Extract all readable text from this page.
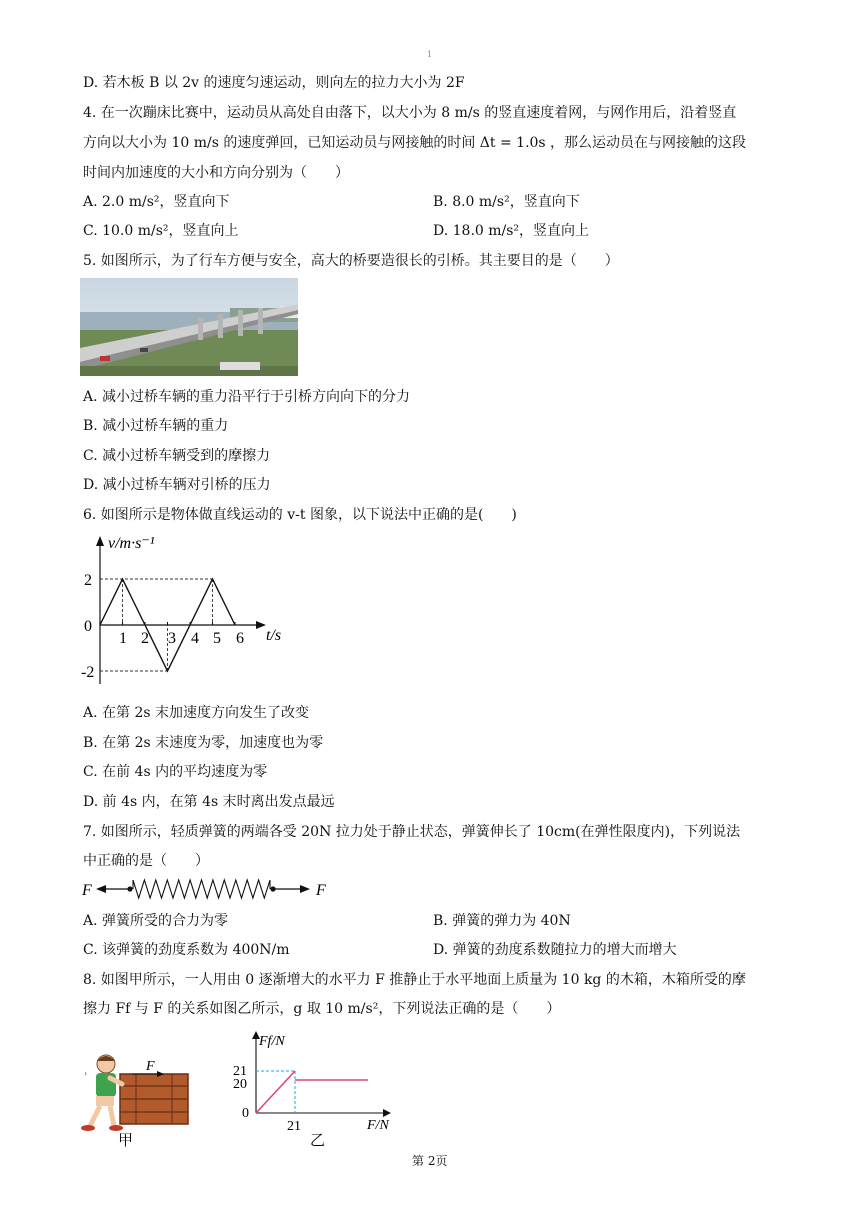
1
D. 若木板 B 以 2v 的速度匀速运动，则向左的拉力大小为 2F
4. 在一次蹦床比赛中，运动员从高处自由落下，以大小为 8 m/s 的竖直速度着网，与网作用后，沿着竖直
方向以大小为 10 m/s 的速度弹回，已知运动员与网接触的时间 Δt = 1.0s ，那么运动员在与网接触的这段
时间内加速度的大小和方向分别为（　　）
A. 2.0 m/s²，竖直向下	B. 8.0 m/s²，竖直向下
C. 10.0 m/s²，竖直向上	D. 18.0 m/s²，竖直向上
5. 如图所示，为了行车方便与安全，高大的桥要造很长的引桥。其主要目的是（　　）
A. 减小过桥车辆的重力沿平行于引桥方向向下的分力
B. 减小过桥车辆的重力
C. 减小过桥车辆受到的摩擦力
D. 减小过桥车辆对引桥的压力
6. 如图所示是物体做直线运动的 v-t 图象，以下说法中正确的是(　　)
v/m·s⁻¹
t/s
0
2
-2
1 2 3 4 5 6
A. 在第 2s 末加速度方向发生了改变
B. 在第 2s 末速度为零，加速度也为零
C. 在前 4s 内的平均速度为零
D. 前 4s 内，在第 4s 末时离出发点最远
7. 如图所示，轻质弹簧的两端各受 20N 拉力处于静止状态，弹簧伸长了 10cm(在弹性限度内)，下列说法
中正确的是（　　）
F	F
A. 弹簧所受的合力为零	B. 弹簧的弹力为 40N
C. 该弹簧的劲度系数为 400N/m	D. 弹簧的劲度系数随拉力的增大而增大
8. 如图甲所示，一人用由 0 逐渐增大的水平力 F 推静止于水平地面上质量为 10 kg 的木箱，木箱所受的摩
擦力 Ff 与 F 的关系如图乙所示，g 取 10 m/s²，下列说法正确的是（　　）
›	F
甲
Ff/N
F/N
0
21
20
21
乙
第 2页
